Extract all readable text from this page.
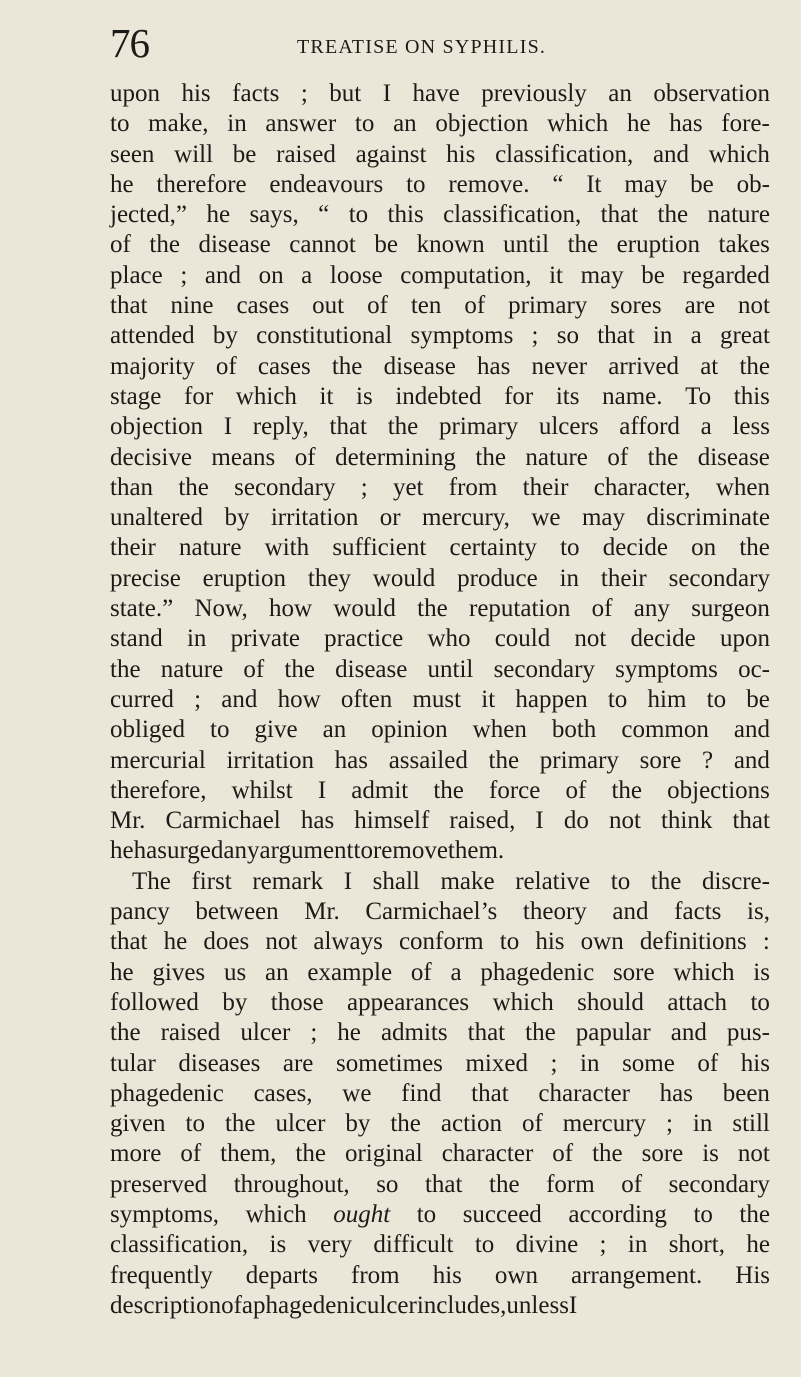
76	TREATISE ON SYPHILIS.
upon his facts ; but I have previously an observation
to make, in answer to an objection which he has fore-
seen will be raised against his classification, and which
he therefore endeavours to remove. “ It may be ob-
jected,” he says, “ to this classification, that the nature
of the disease cannot be known until the eruption takes
place ; and on a loose computation, it may be regarded
that nine cases out of ten of primary sores are not
attended by constitutional symptoms ; so that in a great
majority of cases the disease has never arrived at the
stage for which it is indebted for its name. To this
objection I reply, that the primary ulcers afford a less
decisive means of determining the nature of the disease
than the secondary ; yet from their character, when
unaltered by irritation or mercury, we may discriminate
their nature with sufficient certainty to decide on the
precise eruption they would produce in their secondary
state.” Now, how would the reputation of any surgeon
stand in private practice who could not decide upon
the nature of the disease until secondary symptoms oc-
curred ; and how often must it happen to him to be
obliged to give an opinion when both common and
mercurial irritation has assailed the primary sore ? and
therefore, whilst I admit the force of the objections
Mr. Carmichael has himself raised, I do not think that
he has urged any argument to remove them.
The first remark I shall make relative to the discre-
pancy between Mr. Carmichael’s theory and facts is,
that he does not always conform to his own definitions :
he gives us an example of a phagedenic sore which is
followed by those appearances which should attach to
the raised ulcer ; he admits that the papular and pus-
tular diseases are sometimes mixed ; in some of his
phagedenic cases, we find that character has been
given to the ulcer by the action of mercury ; in still
more of them, the original character of the sore is not
preserved throughout, so that the form of secondary
symptoms, which ought to succeed according to the
classification, is very difficult to divine ; in short, he
frequently departs from his own arrangement. His
description of a phagedenic ulcer includes, unless I
